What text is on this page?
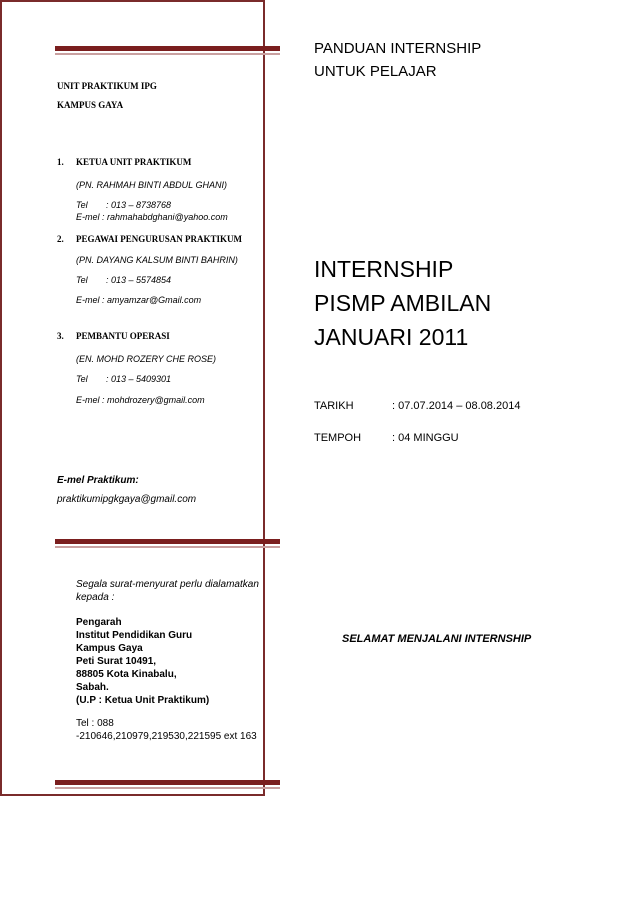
UNIT PRAKTIKUM IPG
KAMPUS GAYA
1. KETUA UNIT PRAKTIKUM
(PN. RAHMAH BINTI ABDUL GHANI)
Tel : 013 – 8738768
E-mel : rahmahabdghani@yahoo.com
2. PEGAWAI PENGURUSAN PRAKTIKUM
(PN. DAYANG KALSUM BINTI BAHRIN)
Tel : 013 – 5574854
E-mel : amyamzar@Gmail.com
3. PEMBANTU OPERASI
(EN. MOHD ROZERY CHE ROSE)
Tel : 013 – 5409301
E-mel : mohdrozery@gmail.com
E-mel Praktikum:
praktikumipgkgaya@gmail.com
Segala surat-menyurat perlu dialamatkan
kepada :
Pengarah
Institut Pendidikan Guru
Kampus Gaya
Peti Surat 10491,
88805 Kota Kinabalu,
Sabah.
(U.P : Ketua Unit Praktikum)
Tel : 088
-210646,210979,219530,221595 ext 163
PANDUAN INTERNSHIP
UNTUK PELAJAR
INTERNSHIP
PISMP AMBILAN
JANUARI 2011
TARIKH	: 07.07.2014 – 08.08.2014
TEMPOH	: 04 MINGGU
SELAMAT MENJALANI INTERNSHIP
